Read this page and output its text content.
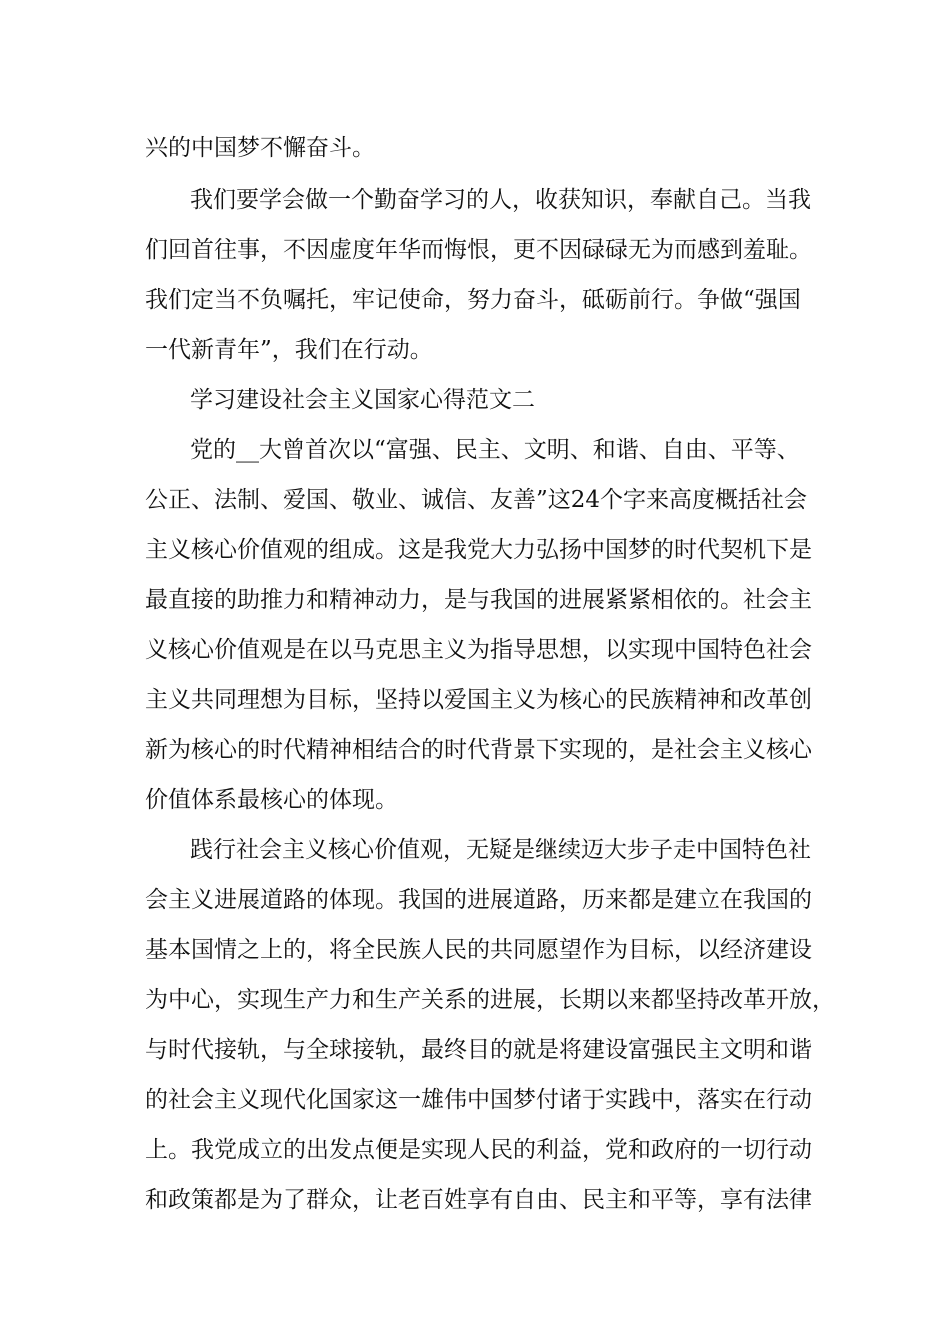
兴的中国梦不懈奋斗。
我们要学会做一个勤奋学习的人，收获知识，奉献自己。当我
们回首往事，不因虚度年华而悔恨，更不因碌碌无为而感到羞耻。
我们定当不负嘱托，牢记使命，努力奋斗，砥砺前行。争做“强国
一代新青年”，我们在行动。
学习建设社会主义国家心得范文二
党的__大曾首次以“富强、民主、文明、和谐、自由、平等、
公正、法制、爱国、敬业、诚信、友善”这24个字来高度概括社会
主义核心价值观的组成。这是我党大力弘扬中国梦的时代契机下是
最直接的助推力和精神动力，是与我国的进展紧紧相依的。社会主
义核心价值观是在以马克思主义为指导思想，以实现中国特色社会
主义共同理想为目标，坚持以爱国主义为核心的民族精神和改革创
新为核心的时代精神相结合的时代背景下实现的，是社会主义核心
价值体系最核心的体现。
践行社会主义核心价值观，无疑是继续迈大步子走中国特色社
会主义进展道路的体现。我国的进展道路，历来都是建立在我国的
基本国情之上的，将全民族人民的共同愿望作为目标，以经济建设
为中心，实现生产力和生产关系的进展，长期以来都坚持改革开放，
与时代接轨，与全球接轨，最终目的就是将建设富强民主文明和谐
的社会主义现代化国家这一雄伟中国梦付诸于实践中，落实在行动
上。我党成立的出发点便是实现人民的利益，党和政府的一切行动
和政策都是为了群众，让老百姓享有自由、民主和平等，享有法律
